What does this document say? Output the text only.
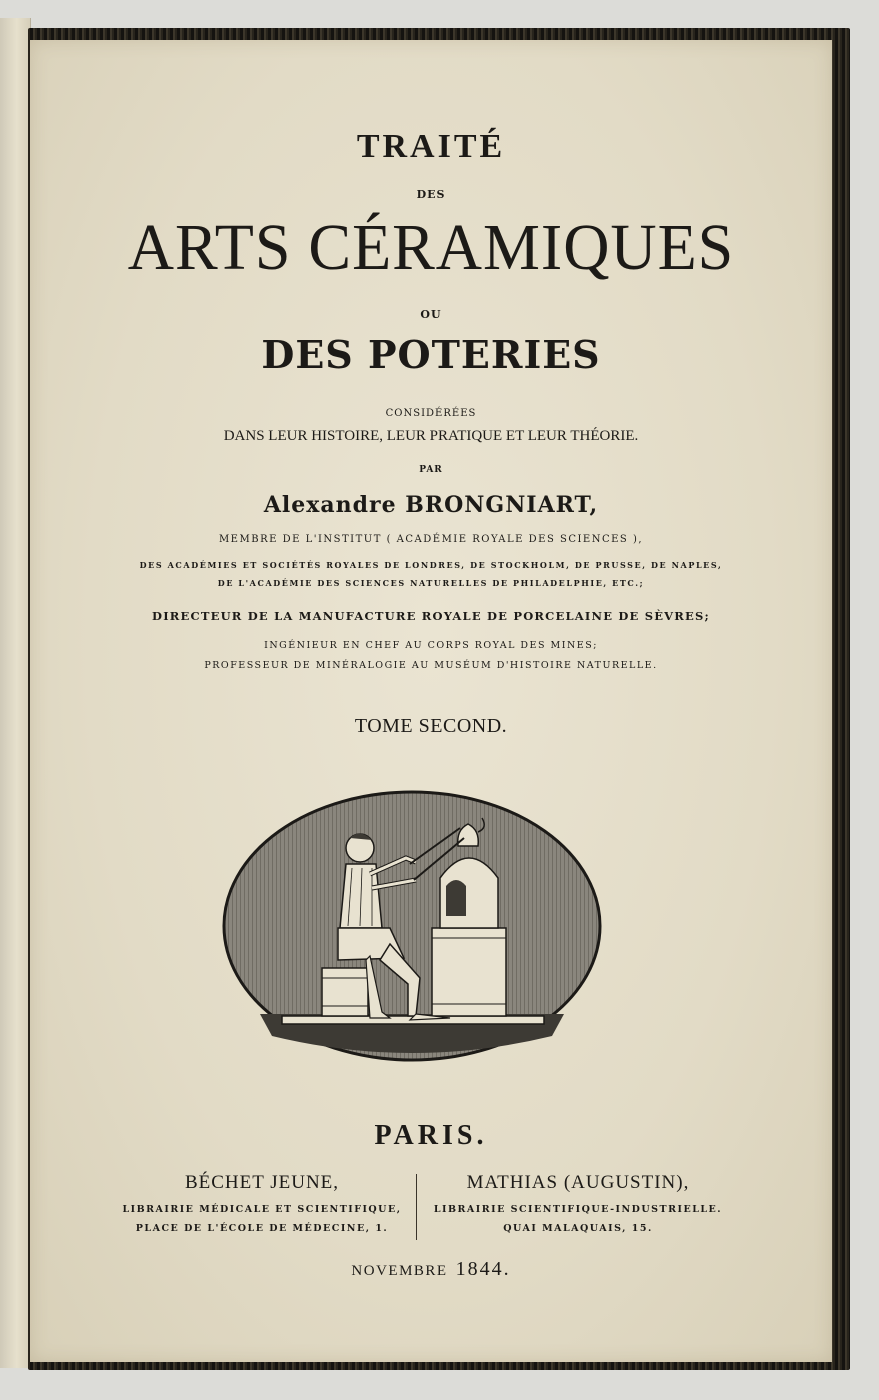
TRAITÉ
DES
ARTS CÉRAMIQUES
OU
DES POTERIES
CONSIDÉRÉES
DANS LEUR HISTOIRE, LEUR PRATIQUE ET LEUR THÉORIE.
PAR
Alexandre BRONGNIART,
MEMBRE DE L'INSTITUT ( ACADÉMIE ROYALE DES SCIENCES ),
DES ACADÉMIES ET SOCIÉTÉS ROYALES DE LONDRES, DE STOCKHOLM, DE PRUSSE, DE NAPLES,
DE L'ACADÉMIE DES SCIENCES NATURELLES DE PHILADELPHIE, ETC.;
DIRECTEUR DE LA MANUFACTURE ROYALE DE PORCELAINE DE SÈVRES;
INGÉNIEUR EN CHEF AU CORPS ROYAL DES MINES;
PROFESSEUR DE MINÉRALOGIE AU MUSÉUM D'HISTOIRE NATURELLE.
TOME SECOND.
PARIS.
BÉCHET JEUNE,
LIBRAIRIE MÉDICALE ET SCIENTIFIQUE,
PLACE DE L'ÉCOLE DE MÉDECINE, 1.
MATHIAS (AUGUSTIN),
LIBRAIRIE SCIENTIFIQUE-INDUSTRIELLE.
QUAI MALAQUAIS, 15.
NOVEMBRE 1844.
